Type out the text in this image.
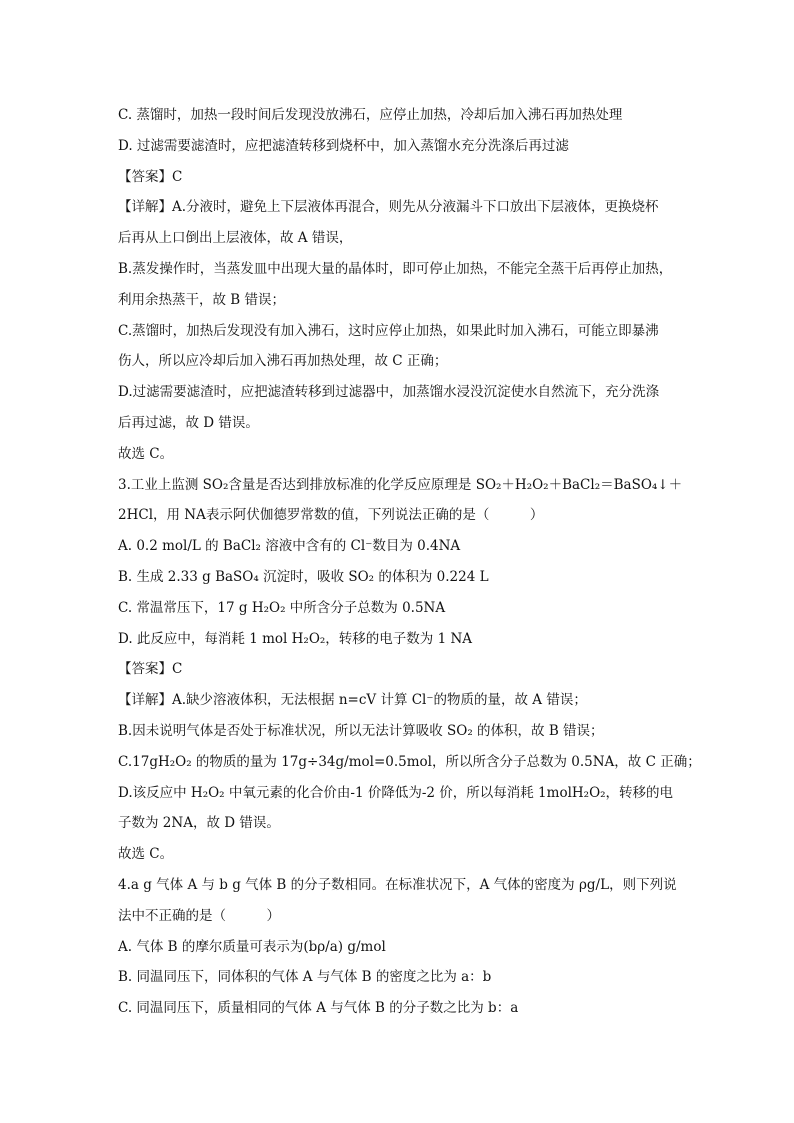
C. 蒸馏时，加热一段时间后发现没放沸石，应停止加热，冷却后加入沸石再加热处理
D. 过滤需要滤渣时，应把滤渣转移到烧杯中，加入蒸馏水充分洗涤后再过滤
【答案】C
【详解】A.分液时，避免上下层液体再混合，则先从分液漏斗下口放出下层液体，更换烧杯
后再从上口倒出上层液体，故 A 错误，
B.蒸发操作时，当蒸发皿中出现大量的晶体时，即可停止加热，不能完全蒸干后再停止加热，
利用余热蒸干，故 B 错误；
C.蒸馏时，加热后发现没有加入沸石，这时应停止加热，如果此时加入沸石，可能立即暴沸
伤人，所以应冷却后加入沸石再加热处理，故 C 正确；
D.过滤需要滤渣时，应把滤渣转移到过滤器中，加蒸馏水浸没沉淀使水自然流下，充分洗涤
后再过滤，故 D 错误。
故选 C。
3.工业上监测 SO₂含量是否达到排放标准的化学反应原理是 SO₂＋H₂O₂＋BaCl₂＝BaSO₄↓＋
2HCl，用 NA表示阿伏伽德罗常数的值，下列说法正确的是（　　　）
A. 0.2 mol/L 的 BaCl₂ 溶液中含有的 Cl⁻数目为 0.4NA
B. 生成 2.33 g BaSO₄ 沉淀时，吸收 SO₂ 的体积为 0.224 L
C. 常温常压下，17 g H₂O₂ 中所含分子总数为 0.5NA
D. 此反应中，每消耗 1 mol H₂O₂，转移的电子数为 1 NA
【答案】C
【详解】A.缺少溶液体积，无法根据 n=cV 计算 Cl⁻的物质的量，故 A 错误；
B.因未说明气体是否处于标准状况，所以无法计算吸收 SO₂ 的体积，故 B 错误；
C.17gH₂O₂ 的物质的量为 17g÷34g/mol=0.5mol，所以所含分子总数为 0.5NA，故 C 正确；
D.该反应中 H₂O₂ 中氧元素的化合价由-1 价降低为-2 价，所以每消耗 1molH₂O₂，转移的电
子数为 2NA，故 D 错误。
故选 C。
4.a g 气体 A 与 b g 气体 B 的分子数相同。在标准状况下，A 气体的密度为 ρg/L，则下列说
法中不正确的是（　　　）
A. 气体 B 的摩尔质量可表示为(bρ/a) g/mol
B. 同温同压下，同体积的气体 A 与气体 B 的密度之比为 a：b
C. 同温同压下，质量相同的气体 A 与气体 B 的分子数之比为 b：a
